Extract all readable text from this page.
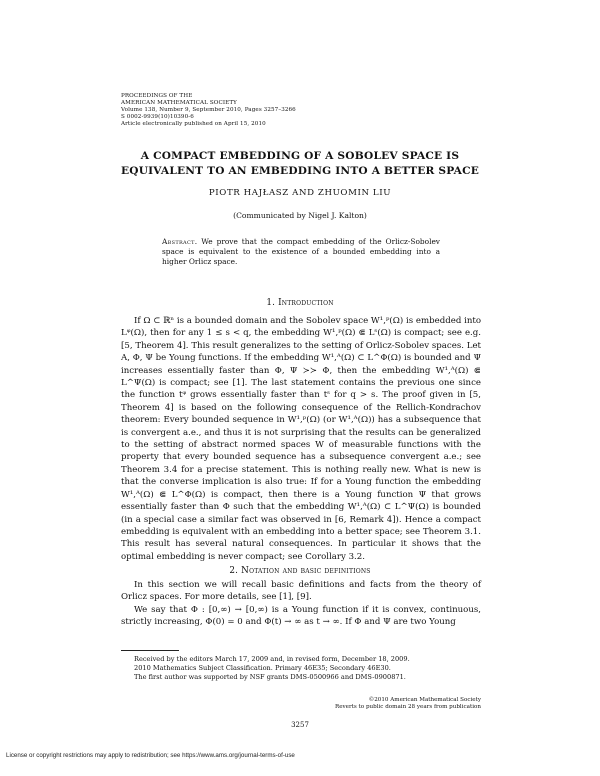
PROCEEDINGS OF THE
AMERICAN MATHEMATICAL SOCIETY
Volume 138, Number 9, September 2010, Pages 3257–3266
S 0002-9939(10)10390-6
Article electronically published on April 15, 2010
A COMPACT EMBEDDING OF A SOBOLEV SPACE IS
EQUIVALENT TO AN EMBEDDING INTO A BETTER SPACE
PIOTR HAJŁASZ AND ZHUOMIN LIU
(Communicated by Nigel J. Kalton)
Abstract. We prove that the compact embedding of the Orlicz-Sobolev space is equivalent to the existence of a bounded embedding into a higher Orlicz space.
1. Introduction

If Ω ⊂ ℝⁿ is a bounded domain and the Sobolev space W¹,ᵖ(Ω) is embedded into Lᵠ(Ω), then for any 1 ≤ s < q, the embedding W¹,ᵖ(Ω) ⋐ Lˢ(Ω) is compact; see e.g. [5, Theorem 4]. This result generalizes to the setting of Orlicz-Sobolev spaces. Let A, Φ, Ψ be Young functions. If the embedding W¹,ᴬ(Ω) ⊂ L^Φ(Ω) is bounded and Ψ increases essentially faster than Φ, Ψ ≻≻ Φ, then the embedding W¹,ᴬ(Ω) ⋐ L^Ψ(Ω) is compact; see [1]. The last statement contains the previous one since the function tᵠ grows essentially faster than tˢ for q > s. The proof given in [5, Theorem 4] is based on the following consequence of the Rellich-Kondrachov theorem: Every bounded sequence in W¹,ᵖ(Ω) (or W¹,ᴬ(Ω)) has a subsequence that is convergent a.e., and thus it is not surprising that the results can be generalized to the setting of abstract normed spaces W of measurable functions with the property that every bounded sequence has a subsequence convergent a.e.; see Theorem 3.4 for a precise statement. This is nothing really new. What is new is that the converse implication is also true: If for a Young function the embedding W¹,ᴬ(Ω) ⋐ L^Φ(Ω) is compact, then there is a Young function Ψ that grows essentially faster than Φ such that the embedding W¹,ᴬ(Ω) ⊂ L^Ψ(Ω) is bounded (in a special case a similar fact was observed in [6, Remark 4]). Hence a compact embedding is equivalent with an embedding into a better space; see Theorem 3.1. This result has several natural consequences. In particular it shows that the optimal embedding is never compact; see Corollary 3.2.

2. Notation and basic definitions

In this section we will recall basic definitions and facts from the theory of Orlicz spaces. For more details, see [1], [9].

We say that Φ : [0,∞) → [0,∞) is a Young function if it is convex, continuous, strictly increasing, Φ(0) = 0 and Φ(t) → ∞ as t → ∞. If Φ and Ψ are two Young

Received by the editors March 17, 2009 and, in revised form, December 18, 2009.
2010 Mathematics Subject Classification. Primary 46E35; Secondary 46E30.
The first author was supported by NSF grants DMS-0500966 and DMS-0900871.
©2010 American Mathematical Society
Reverts to public domain 28 years from publication
3257
License or copyright restrictions may apply to redistribution; see https://www.ams.org/journal-terms-of-use
